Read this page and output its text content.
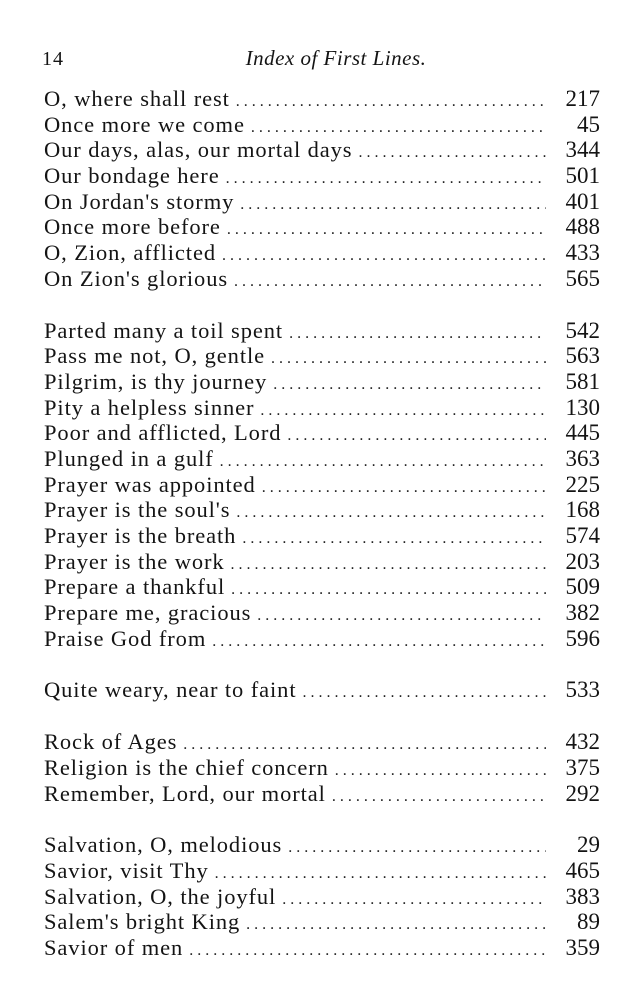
14	Index of First Lines.
O, where shall rest . . .	217
Once more we come . . .	45
Our days, alas, our mortal days . . .	344
Our bondage here . . .	501
On Jordan's stormy . . .	401
Once more before . . .	488
O, Zion, afflicted . . .	433
On Zion's glorious . . .	565
Parted many a toil spent . . .	542
Pass me not, O, gentle . . .	563
Pilgrim, is thy journey . . .	581
Pity a helpless sinner . . .	130
Poor and afflicted, Lord . . .	445
Plunged in a gulf . . .	363
Prayer was appointed . . .	225
Prayer is the soul's . . .	168
Prayer is the breath . . .	574
Prayer is the work . . .	203
Prepare a thankful . . .	509
Prepare me, gracious . . .	382
Praise God from . . .	596
Quite weary, near to faint . . .	533
Rock of Ages . . .	432
Religion is the chief concern . . .	375
Remember, Lord, our mortal . . .	292
Salvation, O, melodious . . .	29
Savior, visit Thy . . .	465
Salvation, O, the joyful . . .	383
Salem's bright King . . .	89
Savior of men . . .	359
